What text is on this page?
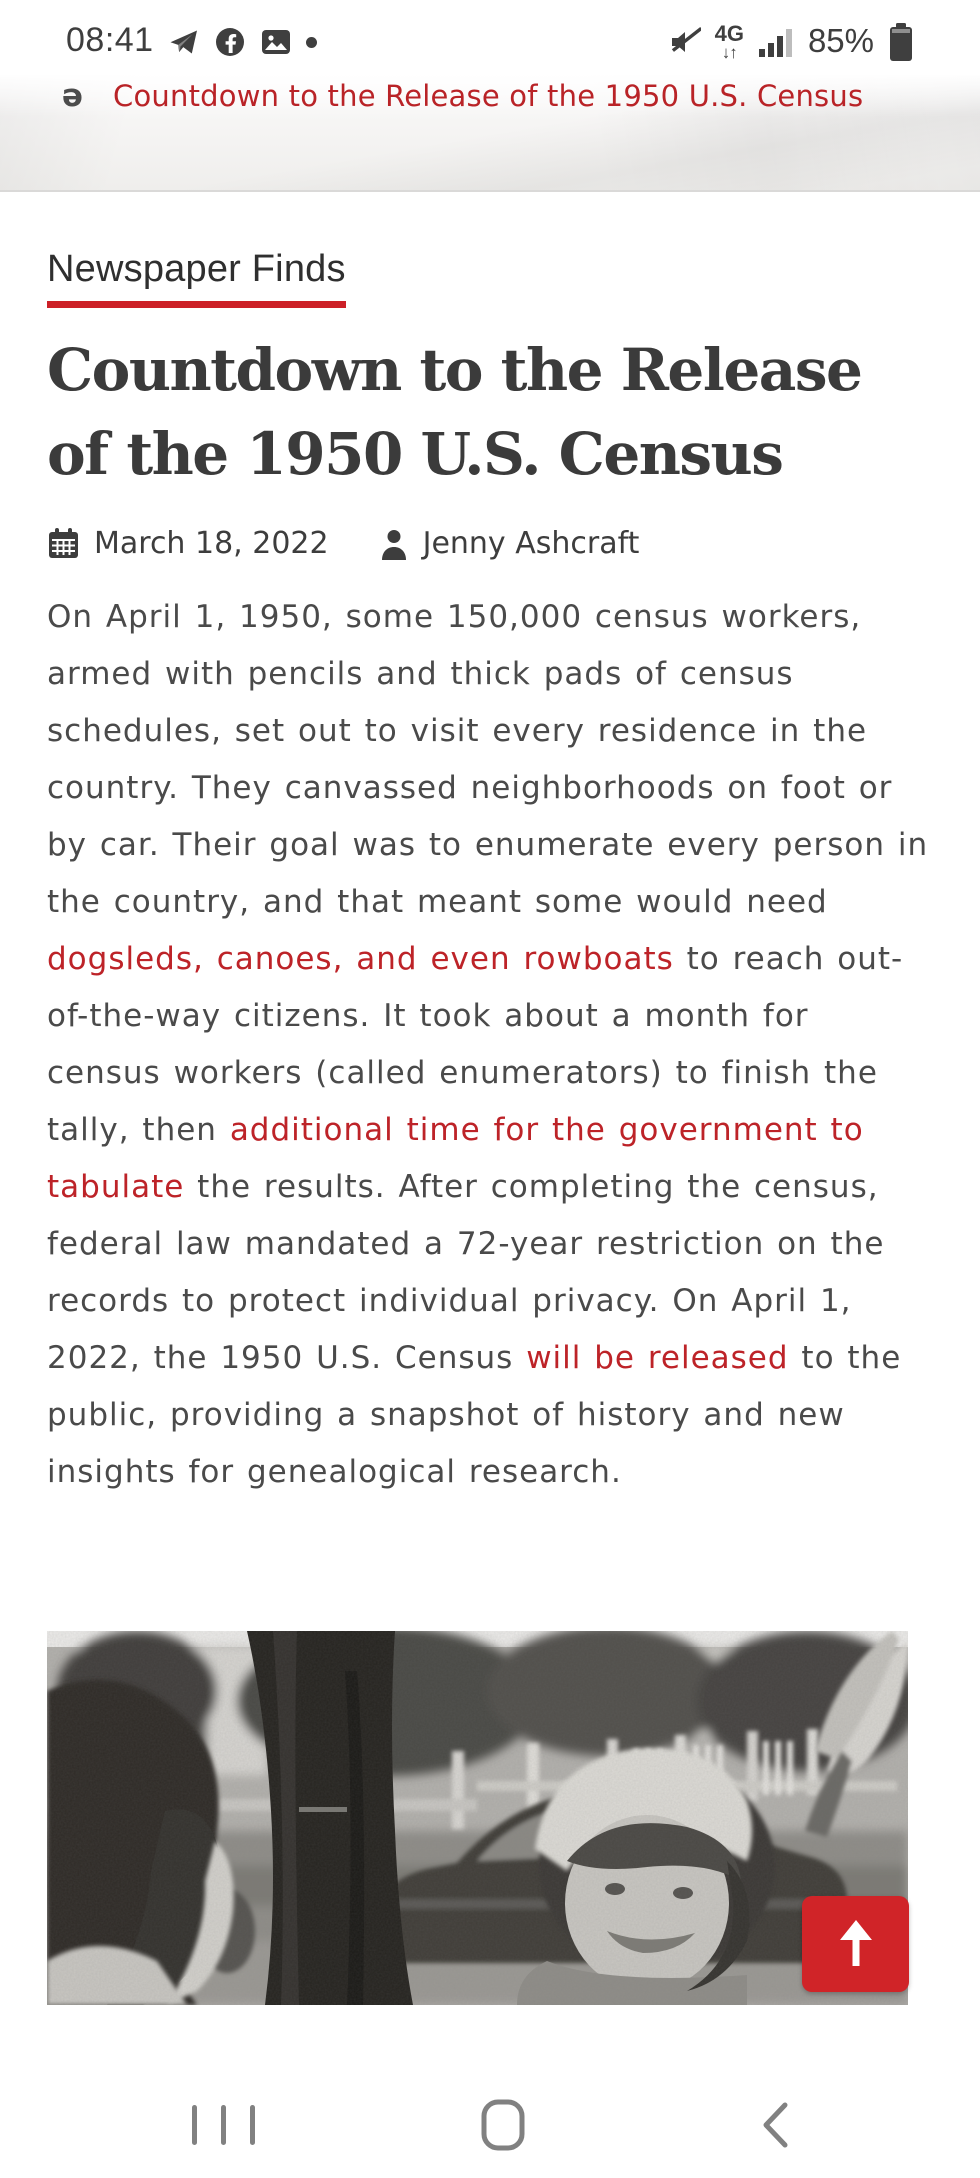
08:41	4G
↓↑ 85%
ə Countdown to the Release of the 1950 U.S. Census
Newspaper Finds
Countdown to the Release of the 1950 U.S. Census
March 18, 2022	Jenny Ashcraft

On April 1, 1950, some 150,000 census workers, armed with pencils and thick pads of census schedules, set out to visit every residence in the country. They canvassed neighborhoods on foot or by car. Their goal was to enumerate every person in the country, and that meant some would need dogsleds, canoes, and even rowboats to reach out-of-the-way citizens. It took about a month for census workers (called enumerators) to finish the tally, then additional time for the government to tabulate the results. After completing the census, federal law mandated a 72-year restriction on the records to protect individual privacy. On April 1, 2022, the 1950 U.S. Census will be released to the public, providing a snapshot of history and new insights for genealogical research.
